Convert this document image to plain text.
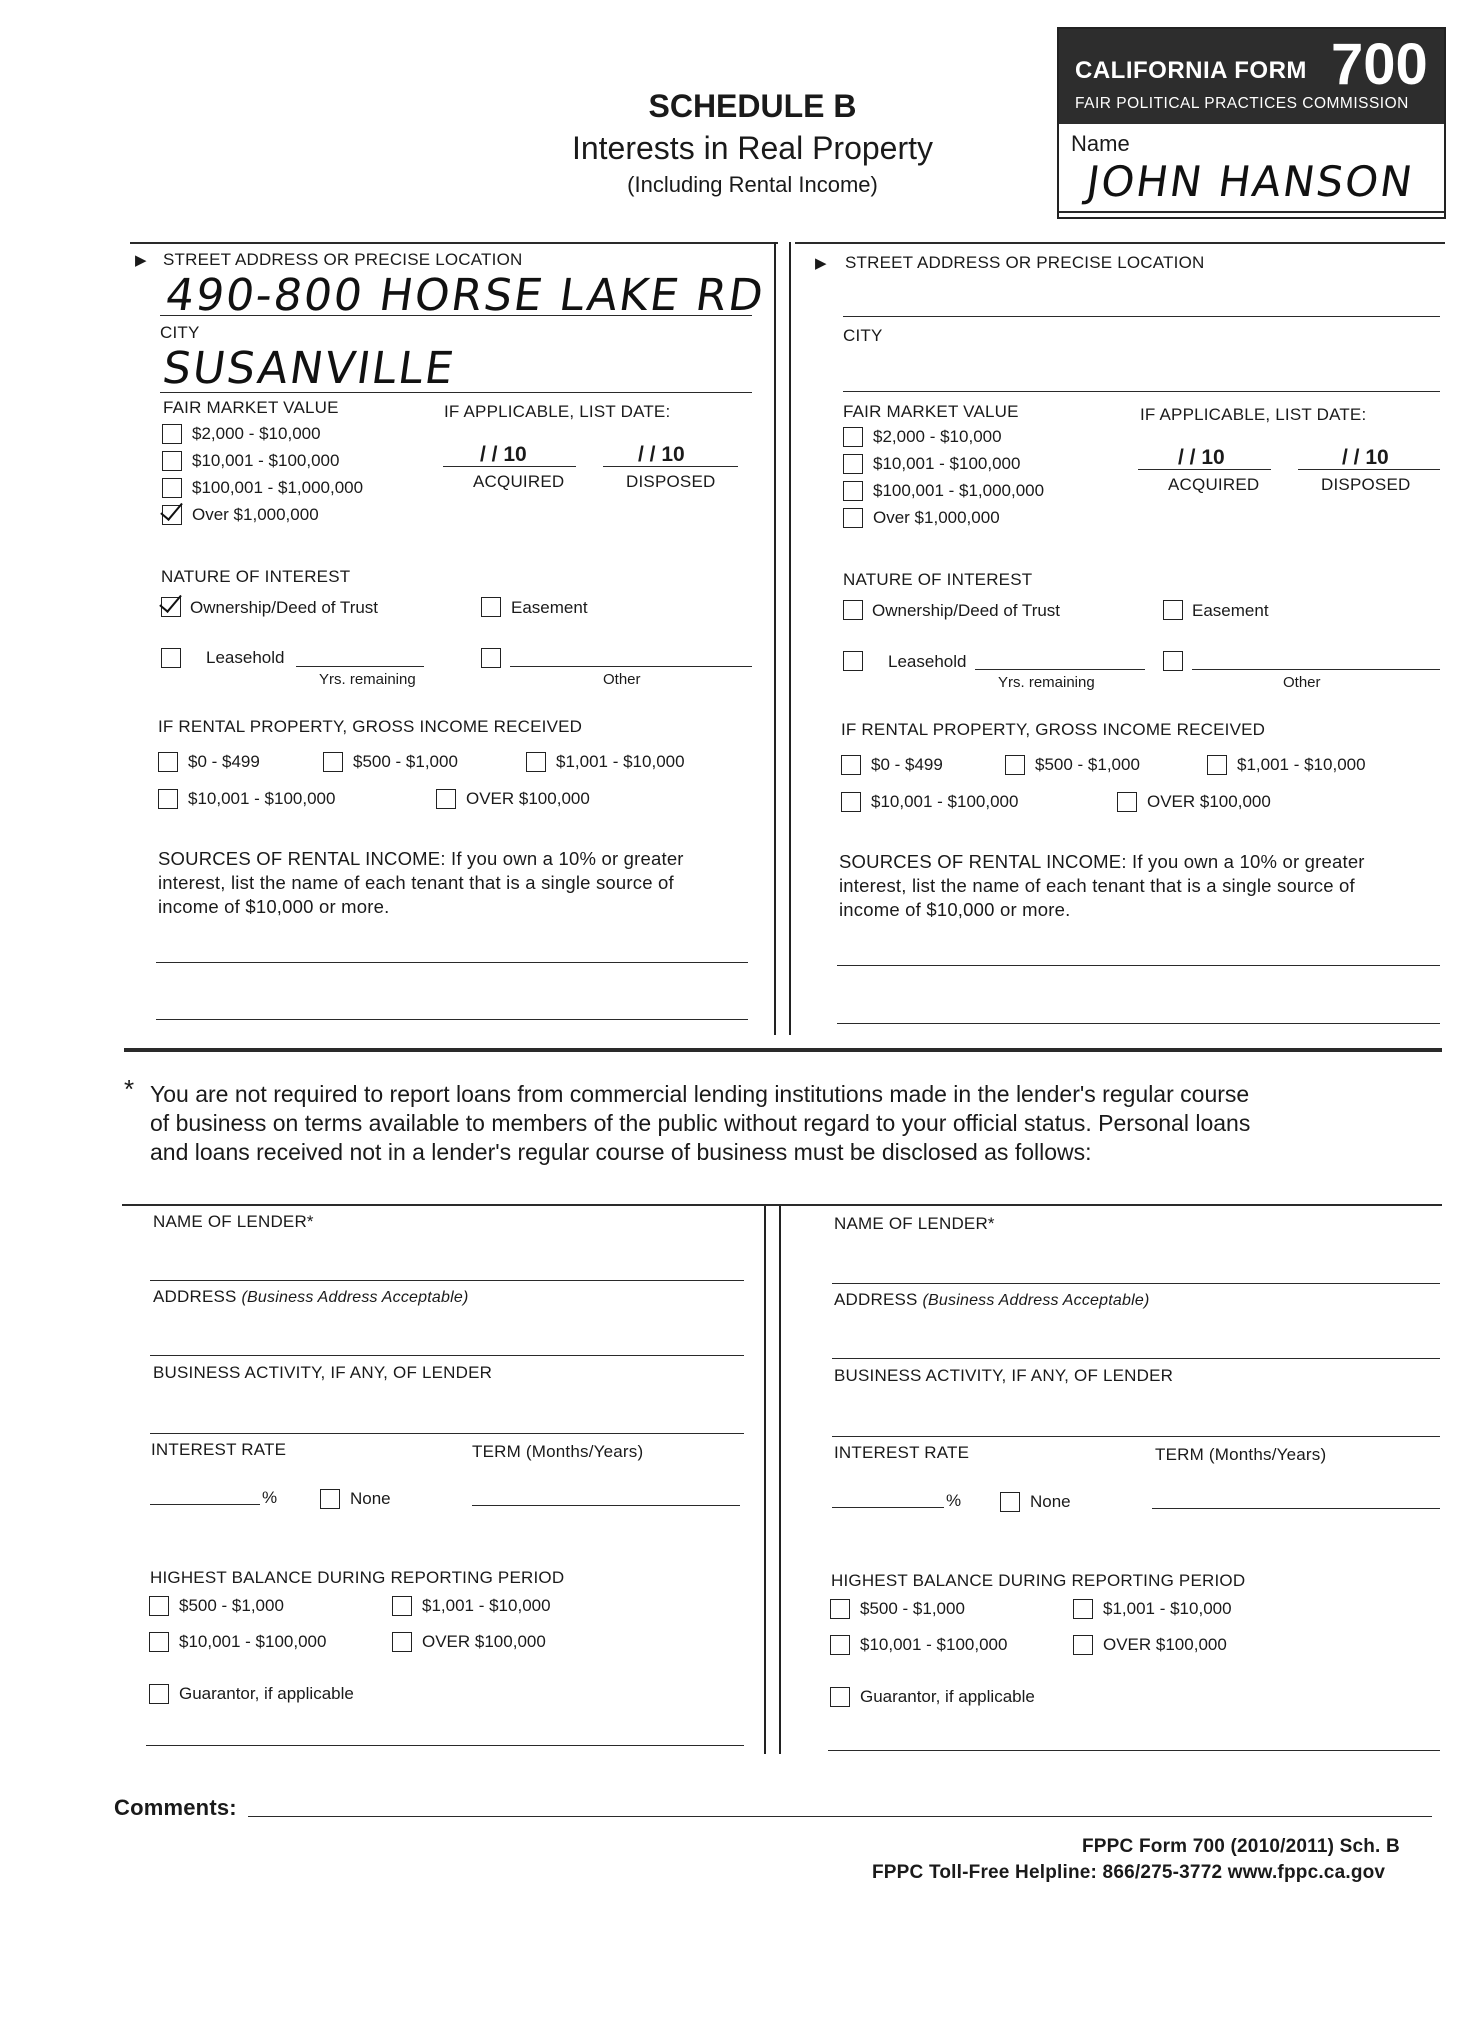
SCHEDULE B
Interests in Real Property
(Including Rental Income)
CALIFORNIA FORM 700
FAIR POLITICAL PRACTICES COMMISSION
Name
JOHN HANSON
▶ STREET ADDRESS OR PRECISE LOCATION
490-800 HORSE LAKE RD
CITY
SUSANVILLE
FAIR MARKET VALUE
$2,000 - $10,000
$10,001 - $100,000
$100,001 - $1,000,000
Over $1,000,000
IF APPLICABLE, LIST DATE:
/ / 10	/ / 10
ACQUIRED	DISPOSED
NATURE OF INTEREST
Ownership/Deed of Trust	Easement
Leasehold
Yrs. remaining	Other
IF RENTAL PROPERTY, GROSS INCOME RECEIVED
$0 - $499	$500 - $1,000	$1,001 - $10,000
$10,001 - $100,000	OVER $100,000
SOURCES OF RENTAL INCOME: If you own a 10% or greater
interest, list the name of each tenant that is a single source of
income of $10,000 or more.
▶ STREET ADDRESS OR PRECISE LOCATION
CITY
FAIR MARKET VALUE
$2,000 - $10,000
$10,001 - $100,000
$100,001 - $1,000,000
Over $1,000,000
IF APPLICABLE, LIST DATE:
/ / 10	/ / 10
ACQUIRED	DISPOSED
NATURE OF INTEREST
Ownership/Deed of Trust	Easement
Leasehold
Yrs. remaining	Other
IF RENTAL PROPERTY, GROSS INCOME RECEIVED
$0 - $499	$500 - $1,000	$1,001 - $10,000
$10,001 - $100,000	OVER $100,000
SOURCES OF RENTAL INCOME: If you own a 10% or greater
interest, list the name of each tenant that is a single source of
income of $10,000 or more.
* You are not required to report loans from commercial lending institutions made in the lender's regular course
of business on terms available to members of the public without regard to your official status. Personal loans
and loans received not in a lender's regular course of business must be disclosed as follows:
NAME OF LENDER*
ADDRESS (Business Address Acceptable)
BUSINESS ACTIVITY, IF ANY, OF LENDER
INTEREST RATE	TERM (Months/Years)
%	None
HIGHEST BALANCE DURING REPORTING PERIOD
$500 - $1,000	$1,001 - $10,000
$10,001 - $100,000	OVER $100,000
Guarantor, if applicable
NAME OF LENDER*
ADDRESS (Business Address Acceptable)
BUSINESS ACTIVITY, IF ANY, OF LENDER
INTEREST RATE	TERM (Months/Years)
%	None
HIGHEST BALANCE DURING REPORTING PERIOD
$500 - $1,000	$1,001 - $10,000
$10,001 - $100,000	OVER $100,000
Guarantor, if applicable
Comments:
FPPC Form 700 (2010/2011) Sch. B
FPPC Toll-Free Helpline: 866/275-3772 www.fppc.ca.gov
